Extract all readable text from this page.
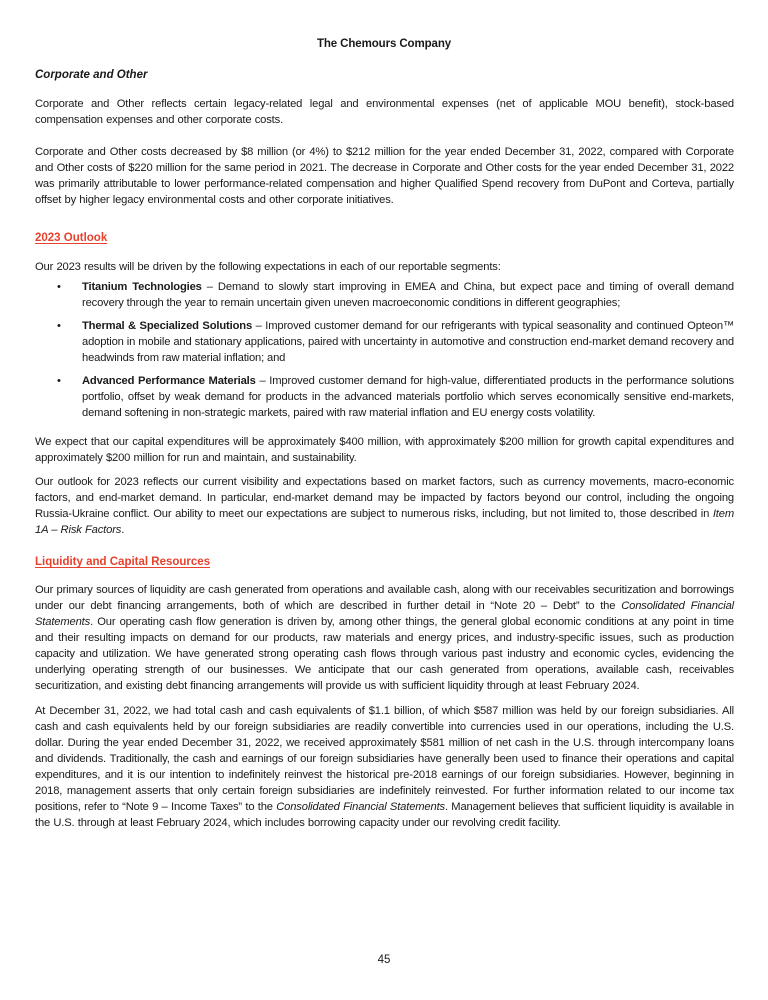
The Chemours Company
Corporate and Other
Corporate and Other reflects certain legacy-related legal and environmental expenses (net of applicable MOU benefit), stock-based compensation expenses and other corporate costs.
Corporate and Other costs decreased by $8 million (or 4%) to $212 million for the year ended December 31, 2022, compared with Corporate and Other costs of $220 million for the same period in 2021. The decrease in Corporate and Other costs for the year ended December 31, 2022 was primarily attributable to lower performance-related compensation and higher Qualified Spend recovery from DuPont and Corteva, partially offset by higher legacy environmental costs and other corporate initiatives.
2023 Outlook
Our 2023 results will be driven by the following expectations in each of our reportable segments:
• Titanium Technologies – Demand to slowly start improving in EMEA and China, but expect pace and timing of overall demand recovery through the year to remain uncertain given uneven macroeconomic conditions in different geographies;
• Thermal & Specialized Solutions – Improved customer demand for our refrigerants with typical seasonality and continued Opteon™ adoption in mobile and stationary applications, paired with uncertainty in automotive and construction end-market demand recovery and headwinds from raw material inflation; and
• Advanced Performance Materials – Improved customer demand for high-value, differentiated products in the performance solutions portfolio, offset by weak demand for products in the advanced materials portfolio which serves economically sensitive end-markets, demand softening in non-strategic markets, paired with raw material inflation and EU energy costs volatility.
We expect that our capital expenditures will be approximately $400 million, with approximately $200 million for growth capital expenditures and approximately $200 million for run and maintain, and sustainability.
Our outlook for 2023 reflects our current visibility and expectations based on market factors, such as currency movements, macro-economic factors, and end-market demand. In particular, end-market demand may be impacted by factors beyond our control, including the ongoing Russia-Ukraine conflict. Our ability to meet our expectations are subject to numerous risks, including, but not limited to, those described in Item 1A – Risk Factors.
Liquidity and Capital Resources
Our primary sources of liquidity are cash generated from operations and available cash, along with our receivables securitization and borrowings under our debt financing arrangements, both of which are described in further detail in “Note 20 – Debt” to the Consolidated Financial Statements. Our operating cash flow generation is driven by, among other things, the general global economic conditions at any point in time and their resulting impacts on demand for our products, raw materials and energy prices, and industry-specific issues, such as production capacity and utilization. We have generated strong operating cash flows through various past industry and economic cycles, evidencing the underlying operating strength of our businesses. We anticipate that our cash generated from operations, available cash, receivables securitization, and existing debt financing arrangements will provide us with sufficient liquidity through at least February 2024.
At December 31, 2022, we had total cash and cash equivalents of $1.1 billion, of which $587 million was held by our foreign subsidiaries. All cash and cash equivalents held by our foreign subsidiaries are readily convertible into currencies used in our operations, including the U.S. dollar. During the year ended December 31, 2022, we received approximately $581 million of net cash in the U.S. through intercompany loans and dividends. Traditionally, the cash and earnings of our foreign subsidiaries have generally been used to finance their operations and capital expenditures, and it is our intention to indefinitely reinvest the historical pre-2018 earnings of our foreign subsidiaries. However, beginning in 2018, management asserts that only certain foreign subsidiaries are indefinitely reinvested. For further information related to our income tax positions, refer to “Note 9 – Income Taxes” to the Consolidated Financial Statements. Management believes that sufficient liquidity is available in the U.S. through at least February 2024, which includes borrowing capacity under our revolving credit facility.
45
